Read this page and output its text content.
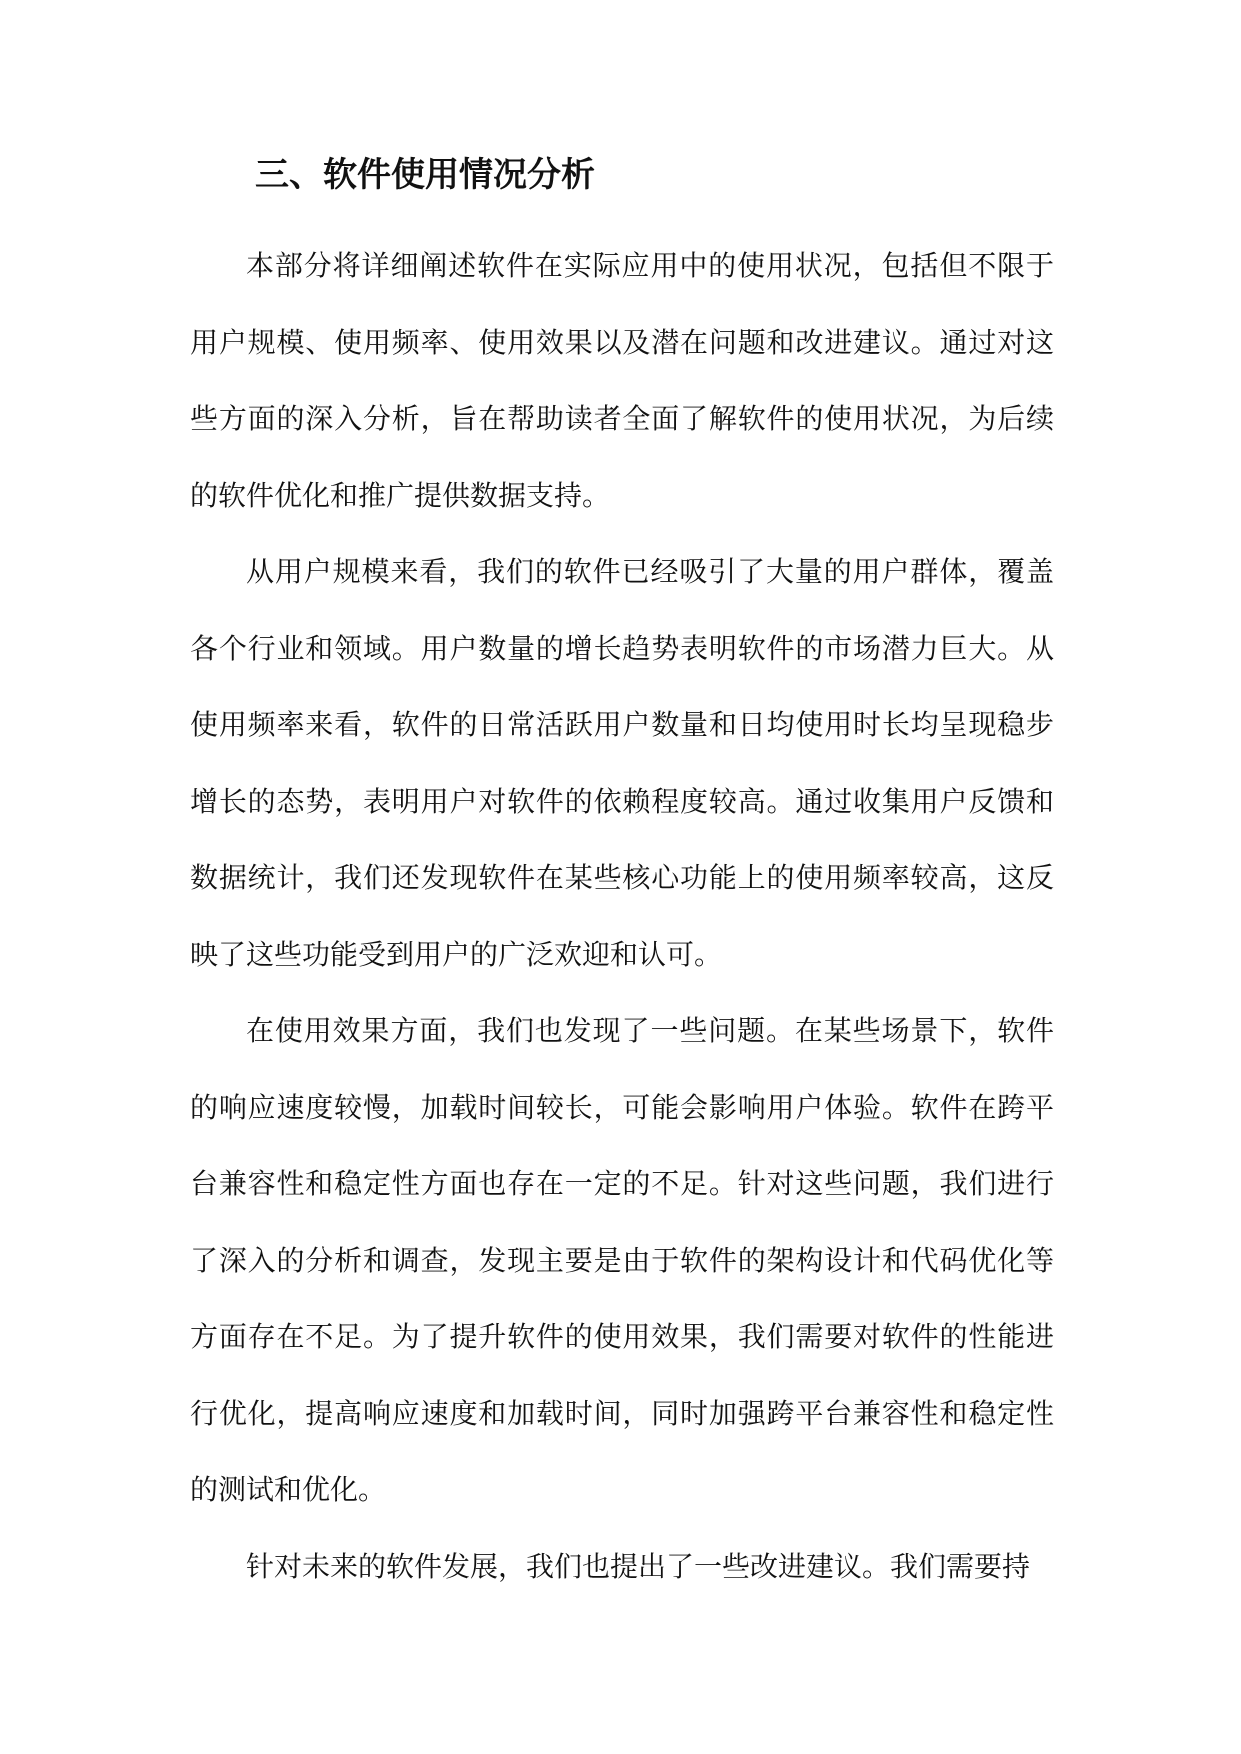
三、软件使用情况分析

本部分将详细阐述软件在实际应用中的使用状况，包括但不限于用户规模、使用频率、使用效果以及潜在问题和改进建议。通过对这些方面的深入分析，旨在帮助读者全面了解软件的使用状况，为后续的软件优化和推广提供数据支持。

从用户规模来看，我们的软件已经吸引了大量的用户群体，覆盖各个行业和领域。用户数量的增长趋势表明软件的市场潜力巨大。从使用频率来看，软件的日常活跃用户数量和日均使用时长均呈现稳步增长的态势，表明用户对软件的依赖程度较高。通过收集用户反馈和数据统计，我们还发现软件在某些核心功能上的使用频率较高，这反映了这些功能受到用户的广泛欢迎和认可。

在使用效果方面，我们也发现了一些问题。在某些场景下，软件的响应速度较慢，加载时间较长，可能会影响用户体验。软件在跨平台兼容性和稳定性方面也存在一定的不足。针对这些问题，我们进行了深入的分析和调查，发现主要是由于软件的架构设计和代码优化等方面存在不足。为了提升软件的使用效果，我们需要对软件的性能进行优化，提高响应速度和加载时间，同时加强跨平台兼容性和稳定性的测试和优化。

针对未来的软件发展，我们也提出了一些改进建议。我们需要持
